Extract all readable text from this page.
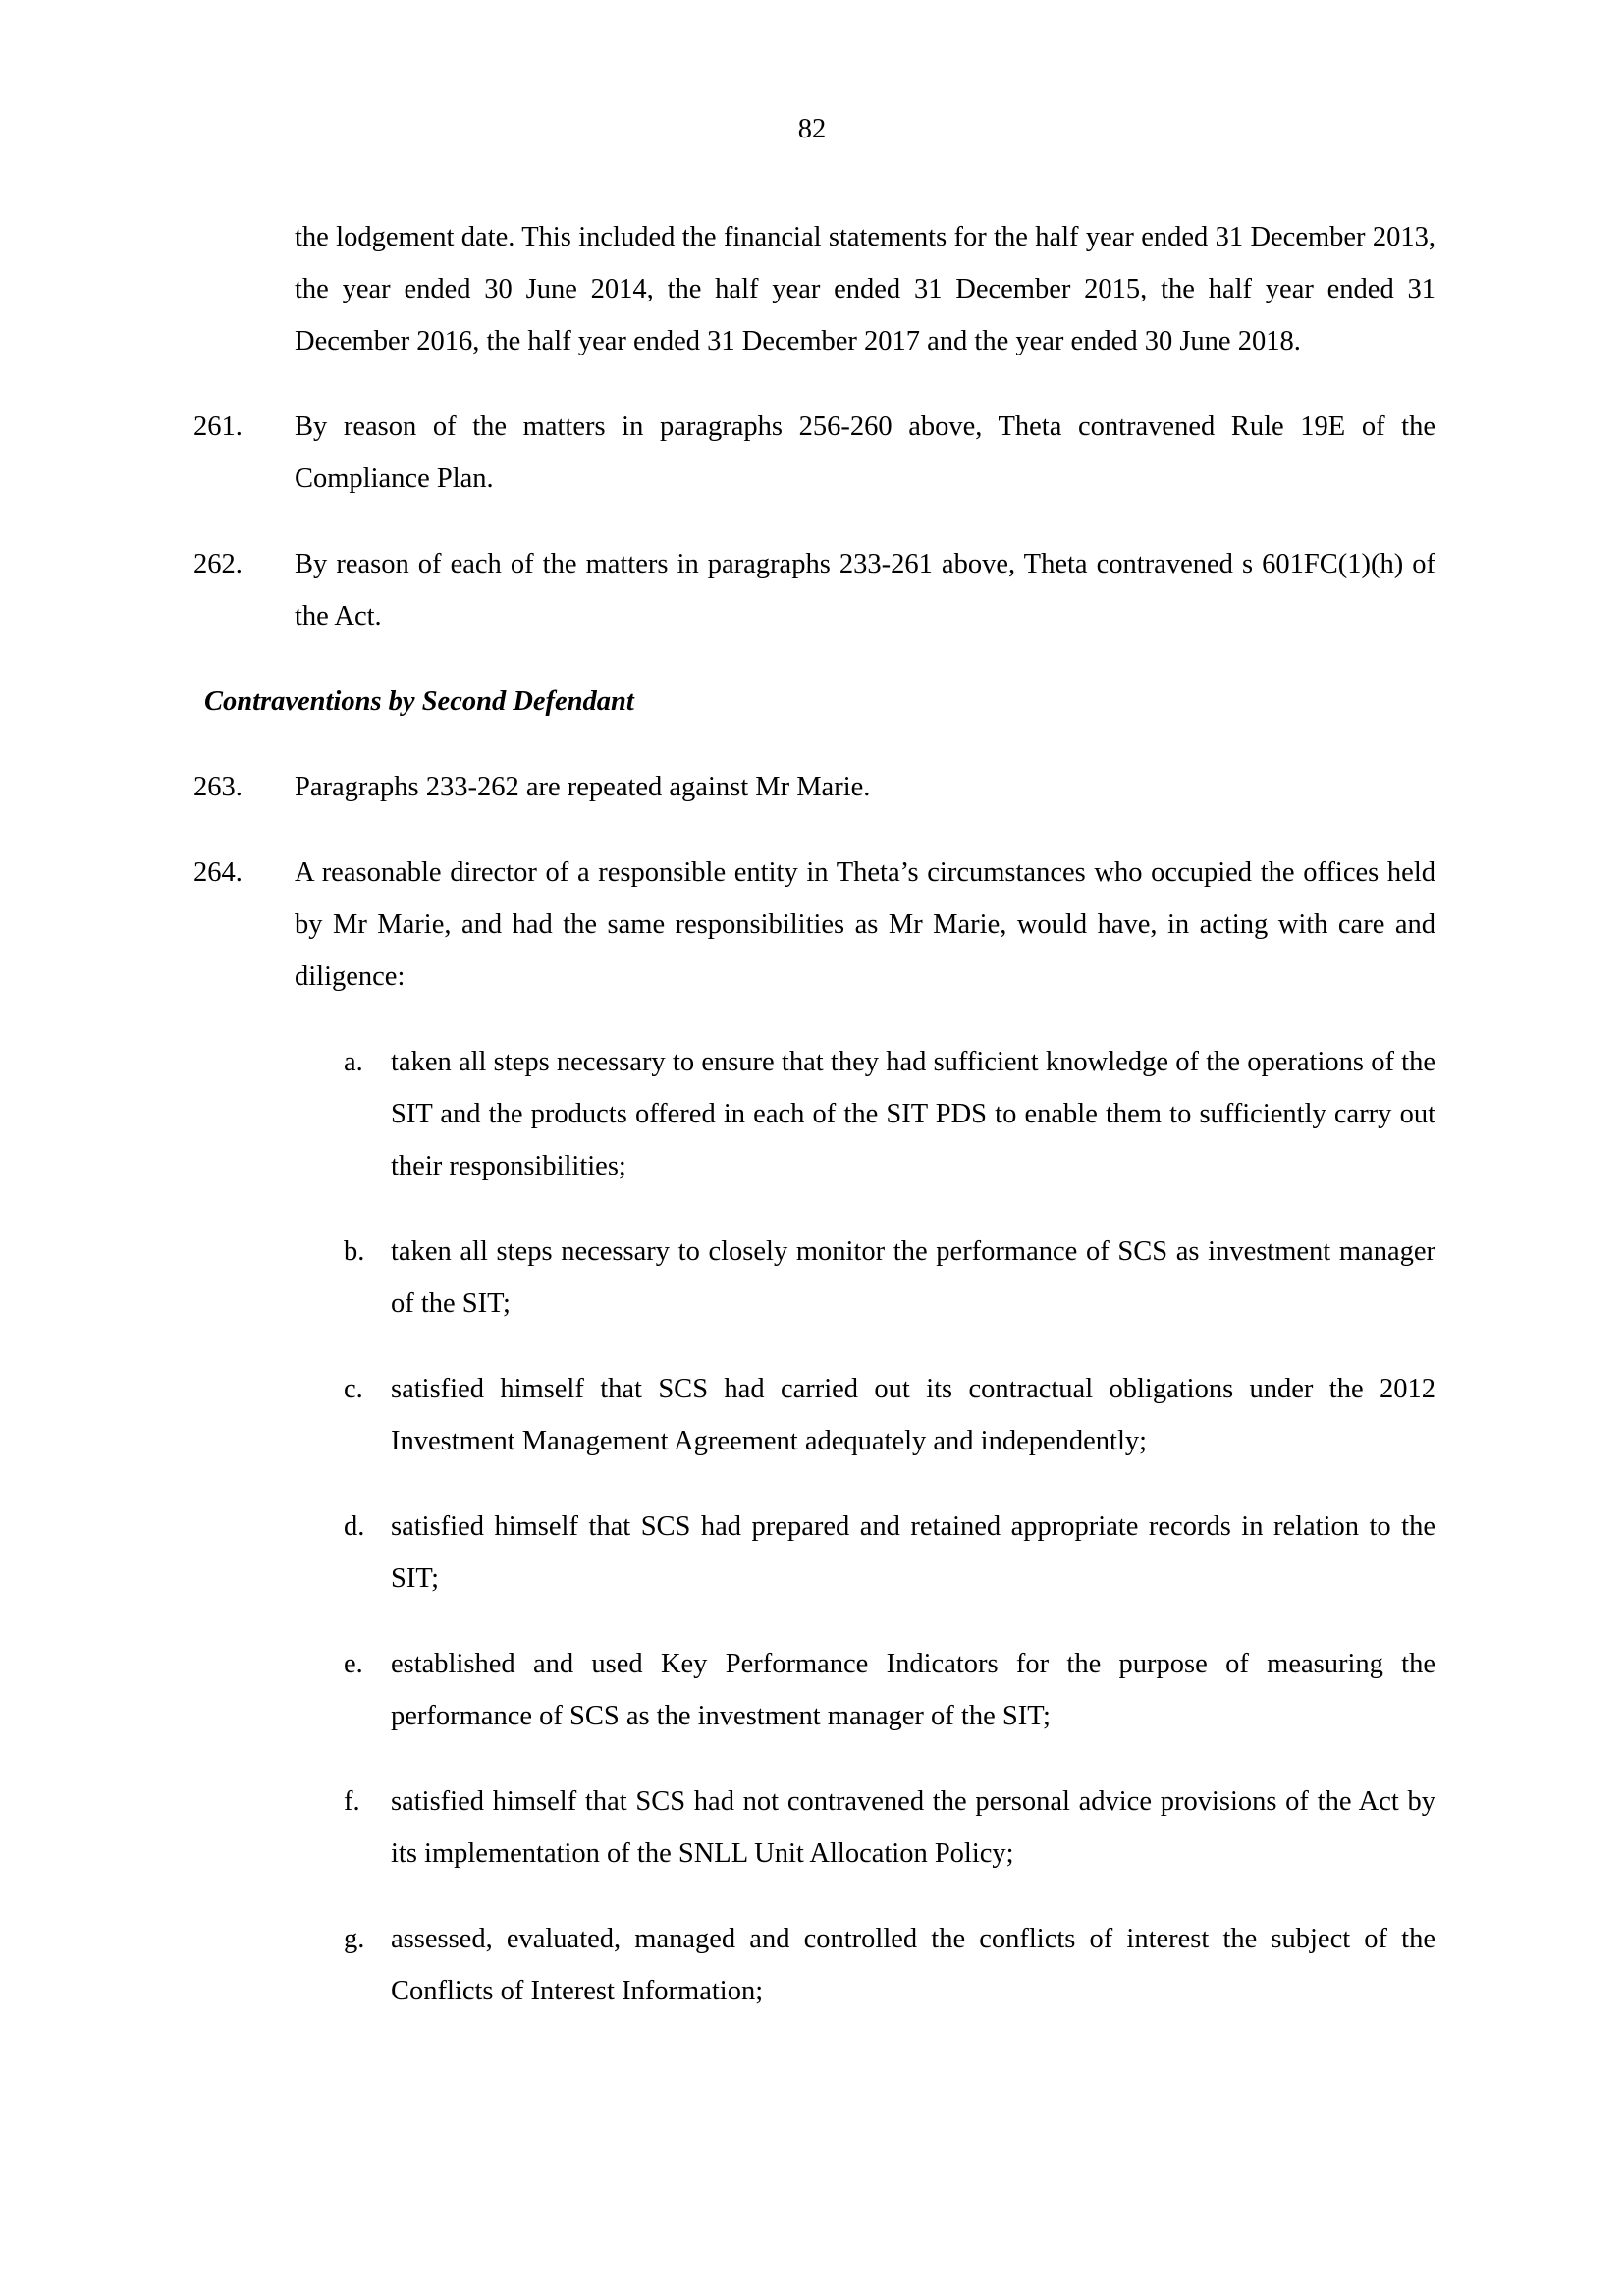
82
the lodgement date. This included the financial statements for the half year ended 31 December 2013, the year ended 30 June 2014, the half year ended 31 December 2015, the half year ended 31 December 2016, the half year ended 31 December 2017 and the year ended 30 June 2018.
261. By reason of the matters in paragraphs 256-260 above, Theta contravened Rule 19E of the Compliance Plan.
262. By reason of each of the matters in paragraphs 233-261 above, Theta contravened s 601FC(1)(h) of the Act.
Contraventions by Second Defendant
263. Paragraphs 233-262 are repeated against Mr Marie.
264. A reasonable director of a responsible entity in Theta’s circumstances who occupied the offices held by Mr Marie, and had the same responsibilities as Mr Marie, would have, in acting with care and diligence:
a. taken all steps necessary to ensure that they had sufficient knowledge of the operations of the SIT and the products offered in each of the SIT PDS to enable them to sufficiently carry out their responsibilities;
b. taken all steps necessary to closely monitor the performance of SCS as investment manager of the SIT;
c. satisfied himself that SCS had carried out its contractual obligations under the 2012 Investment Management Agreement adequately and independently;
d. satisfied himself that SCS had prepared and retained appropriate records in relation to the SIT;
e. established and used Key Performance Indicators for the purpose of measuring the performance of SCS as the investment manager of the SIT;
f. satisfied himself that SCS had not contravened the personal advice provisions of the Act by its implementation of the SNLL Unit Allocation Policy;
g. assessed, evaluated, managed and controlled the conflicts of interest the subject of the Conflicts of Interest Information;
